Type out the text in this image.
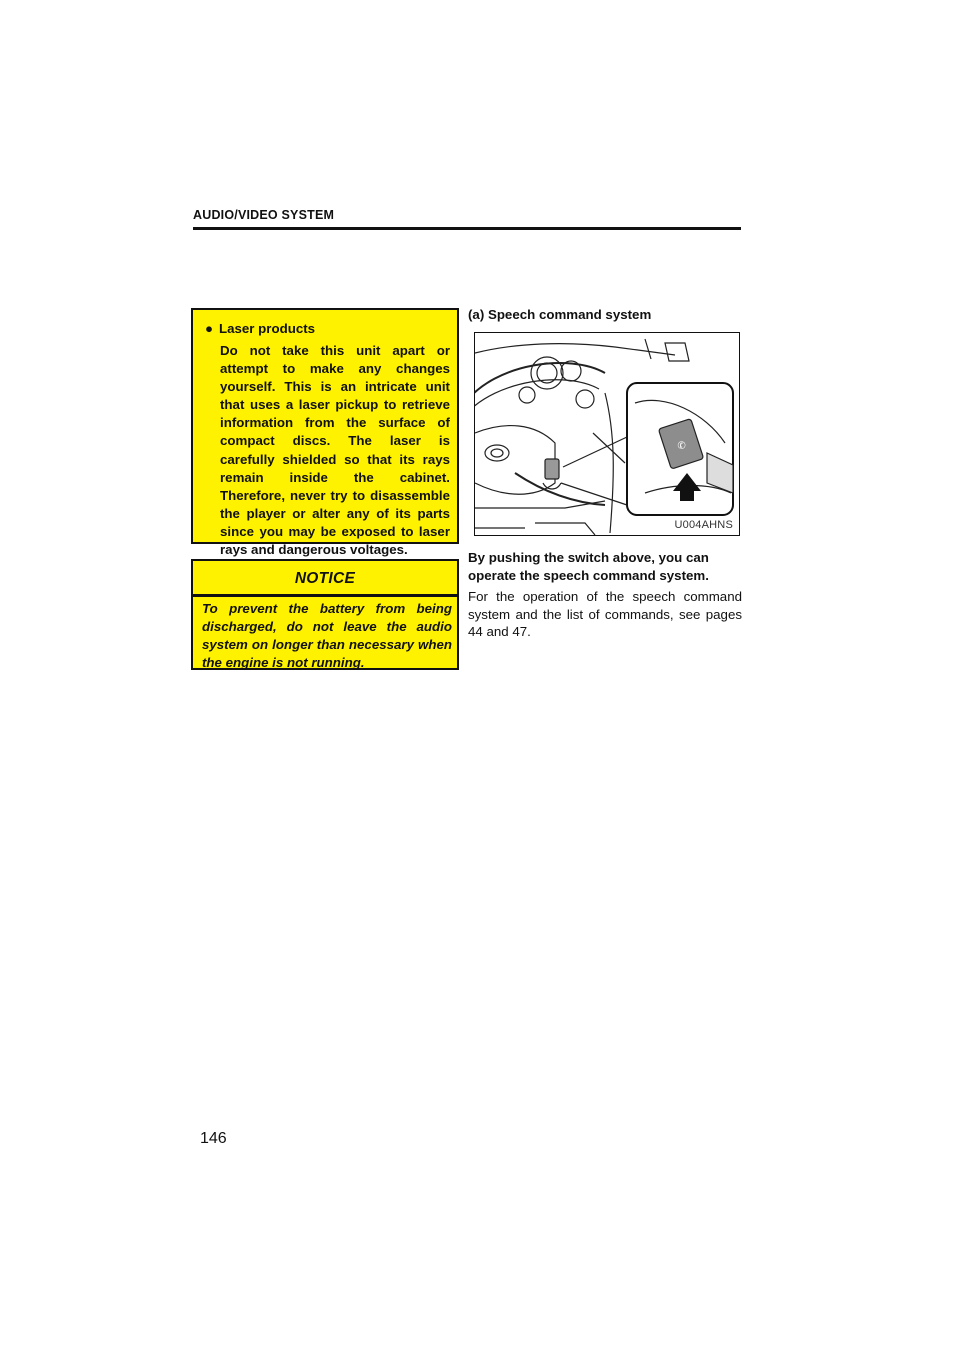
AUDIO/VIDEO SYSTEM
● Laser products
Do not take this unit apart or attempt to make any changes yourself. This is an intricate unit that uses a laser pickup to retrieve information from the surface of compact discs. The laser is carefully shielded so that its rays remain inside the cabinet. Therefore, never try to disassemble the player or alter any of its parts since you may be exposed to laser rays and dangerous voltages.
NOTICE
To prevent the battery from being discharged, do not leave the audio system on longer than necessary when the engine is not running.
(a) Speech command system
✆
U004AHNS
By pushing the switch above, you can operate the speech command system.
For the operation of the speech command system and the list of commands, see pages 44 and 47.
146
